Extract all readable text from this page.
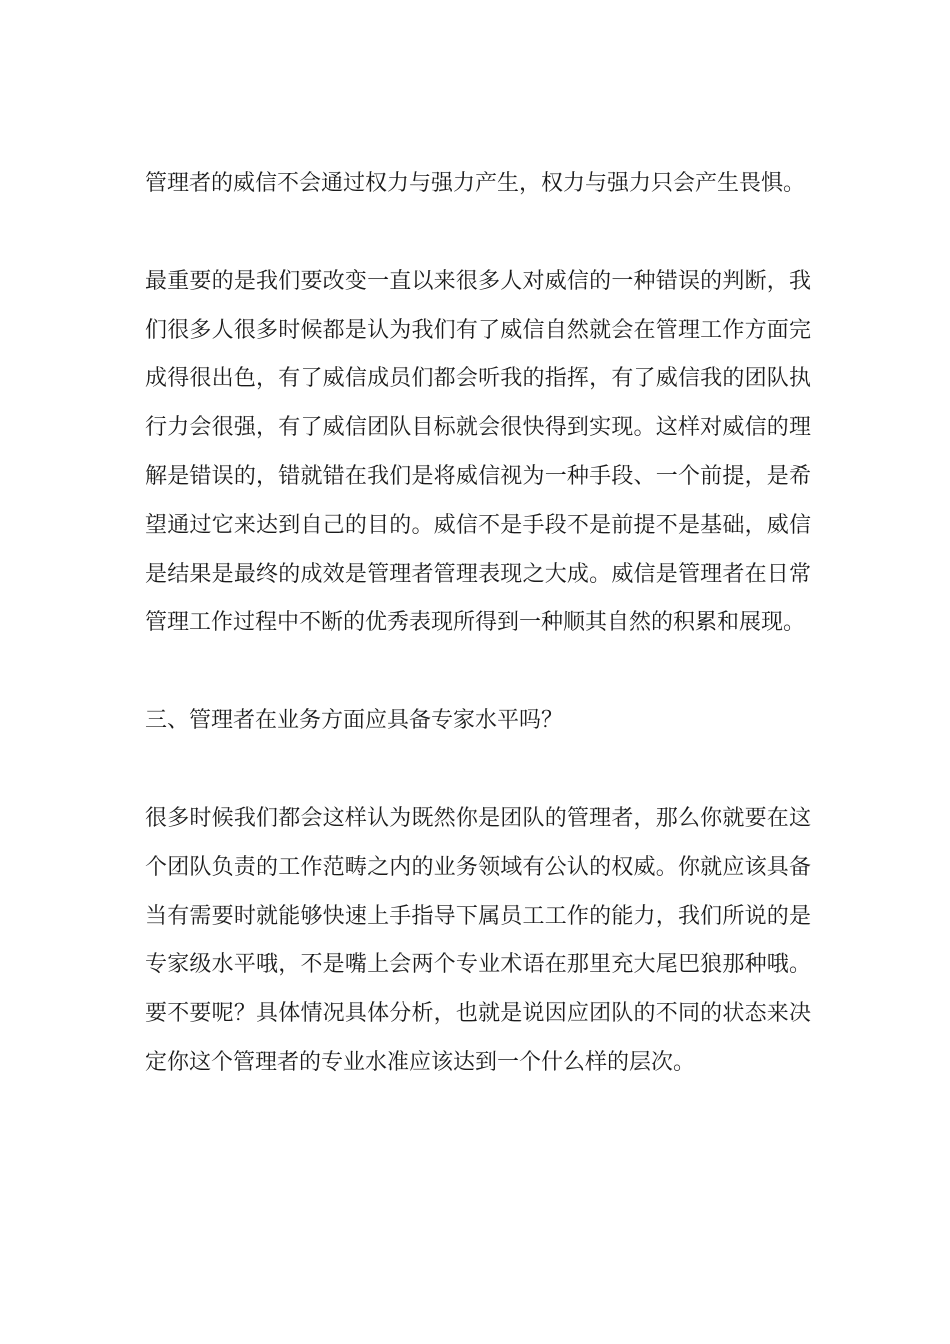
管理者的威信不会通过权力与强力产生，权力与强力只会产生畏惧。

最重要的是我们要改变一直以来很多人对威信的一种错误的判断，我们很多人很多时候都是认为我们有了威信自然就会在管理工作方面完成得很出色，有了威信成员们都会听我的指挥，有了威信我的团队执行力会很强，有了威信团队目标就会很快得到实现。这样对威信的理解是错误的，错就错在我们是将威信视为一种手段、一个前提，是希望通过它来达到自己的目的。威信不是手段不是前提不是基础，威信是结果是最终的成效是管理者管理表现之大成。威信是管理者在日常管理工作过程中不断的优秀表现所得到一种顺其自然的积累和展现。

三、管理者在业务方面应具备专家水平吗？

很多时候我们都会这样认为既然你是团队的管理者，那么你就要在这个团队负责的工作范畴之内的业务领域有公认的权威。你就应该具备当有需要时就能够快速上手指导下属员工工作的能力，我们所说的是专家级水平哦，不是嘴上会两个专业术语在那里充大尾巴狼那种哦。要不要呢？具体情况具体分析，也就是说因应团队的不同的状态来决定你这个管理者的专业水准应该达到一个什么样的层次。
